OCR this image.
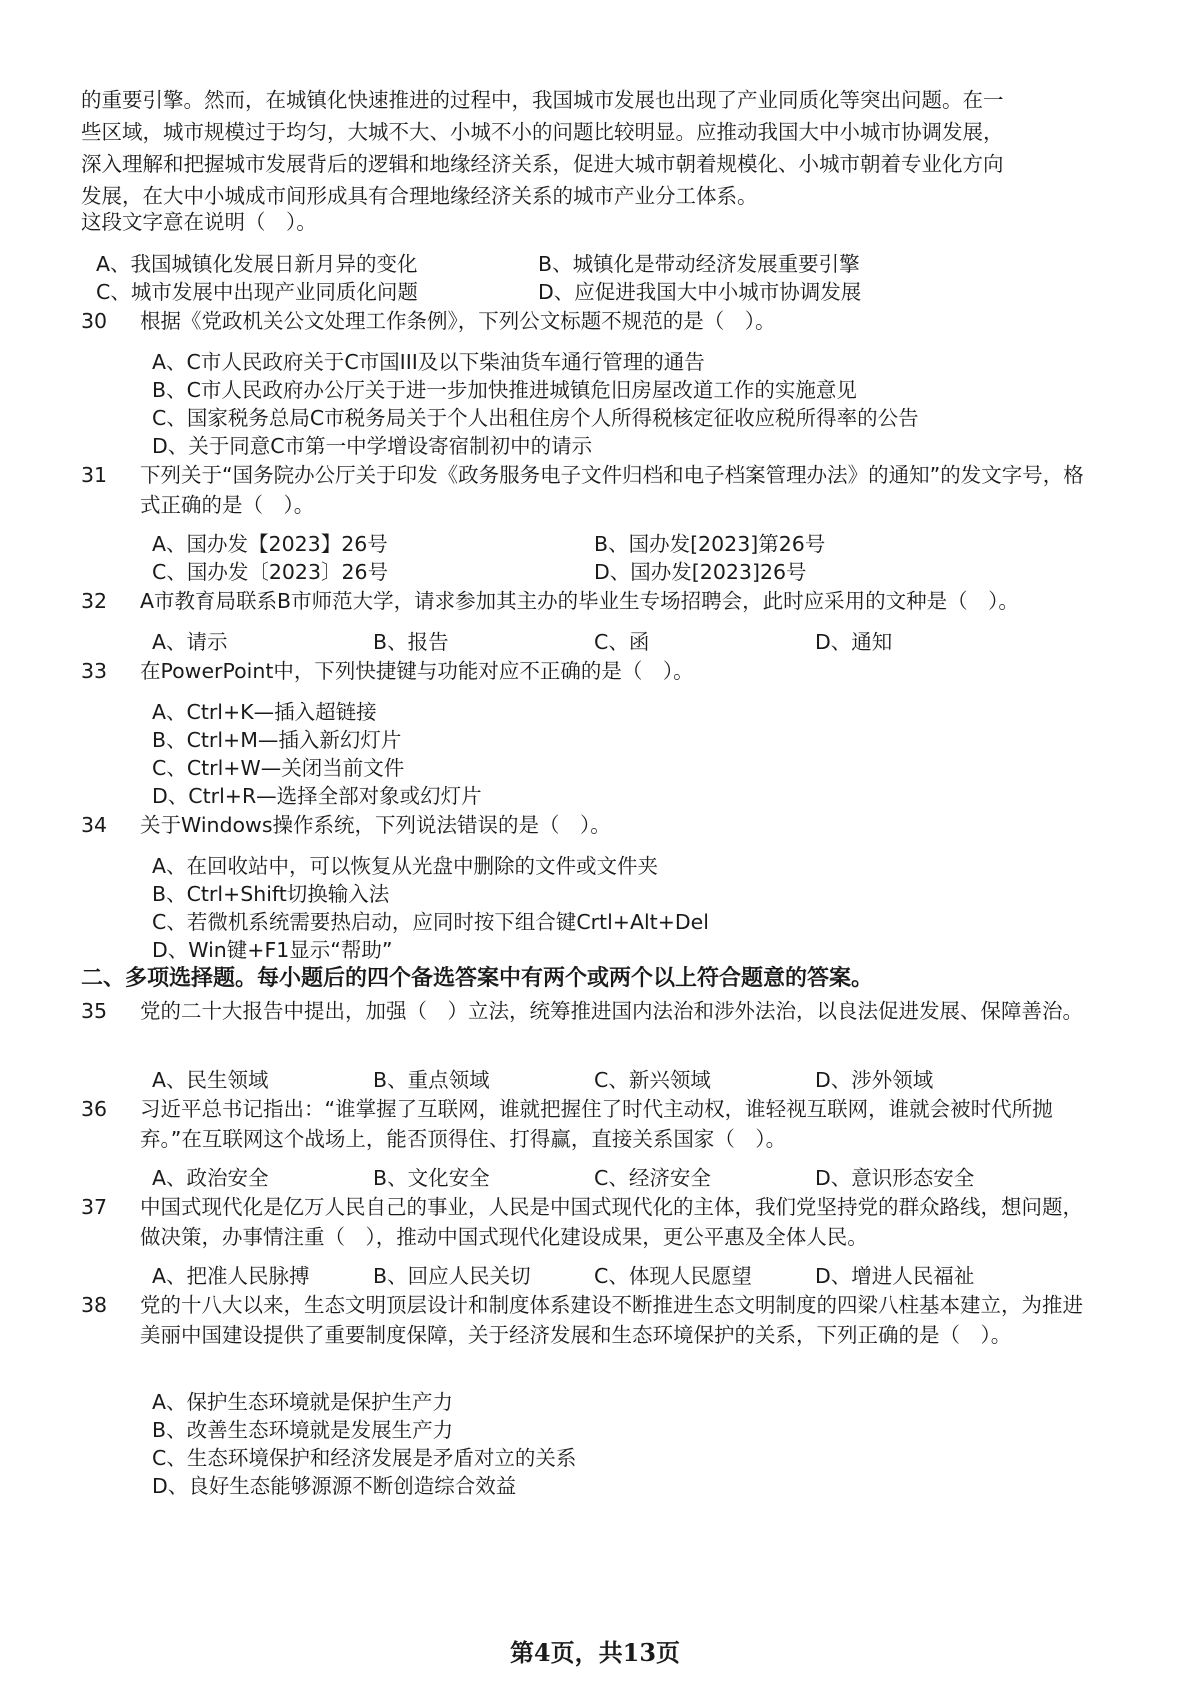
的重要引擎。然而，在城镇化快速推进的过程中，我国城市发展也出现了产业同质化等突出问题。在一些区域，城市规模过于均匀，大城不大、小城不小的问题比较明显。应推动我国大中小城市协调发展，深入理解和把握城市发展背后的逻辑和地缘经济关系，促进大城市朝着规模化、小城市朝着专业化方向发展，在大中小城成市间形成具有合理地缘经济关系的城市产业分工体系。

这段文字意在说明（　）。
A、我国城镇化发展日新月异的变化	B、城镇化是带动经济发展重要引擎
C、城市发展中出现产业同质化问题	D、应促进我国大中小城市协调发展
30 根据《党政机关公文处理工作条例》，下列公文标题不规范的是（　）。

A、C市人民政府关于C市国III及以下柴油货车通行管理的通告
B、C市人民政府办公厅关于进一步加快推进城镇危旧房屋改道工作的实施意见
C、国家税务总局C市税务局关于个人出租住房个人所得税核定征收应税所得率的公告
D、关于同意C市第一中学增设寄宿制初中的请示
31 下列关于“国务院办公厅关于印发《政务服务电子文件归档和电子档案管理办法》的通知”的发文字号，格式正确的是（　）。

A、国办发【2023】26号	B、国办发[2023]第26号
C、国办发〔2023〕26号	D、国办发[2023]26号
32 A市教育局联系B市师范大学，请求参加其主办的毕业生专场招聘会，此时应采用的文种是（　）。

A、请示	B、报告	C、函	D、通知
33 在PowerPoint中，下列快捷键与功能对应不正确的是（　）。

A、Ctrl+K—插入超链接
B、Ctrl+M—插入新幻灯片
C、Ctrl+W—关闭当前文件
D、Ctrl+R—选择全部对象或幻灯片
34 关于Windows操作系统，下列说法错误的是（　）。

A、在回收站中，可以恢复从光盘中删除的文件或文件夹
B、Ctrl+Shift切换输入法
C、若微机系统需要热启动，应同时按下组合键Crtl+Alt+Del
D、Win键+F1显示“帮助”
二、多项选择题。每小题后的四个备选答案中有两个或两个以上符合题意的答案。
35 党的二十大报告中提出，加强（　）立法，统筹推进国内法治和涉外法治，以良法促进发展、保障善治。

A、民生领域	B、重点领域	C、新兴领域	D、涉外领域
36 习近平总书记指出：“谁掌握了互联网，谁就把握住了时代主动权，谁轻视互联网，谁就会被时代所抛弃。”在互联网这个战场上，能否顶得住、打得赢，直接关系国家（　）。

A、政治安全	B、文化安全	C、经济安全	D、意识形态安全
37 中国式现代化是亿万人民自己的事业，人民是中国式现代化的主体，我们党坚持党的群众路线，想问题，做决策，办事情注重（　），推动中国式现代化建设成果，更公平惠及全体人民。

A、把准人民脉搏	B、回应人民关切	C、体现人民愿望	D、增进人民福祉
38 党的十八大以来，生态文明顶层设计和制度体系建设不断推进生态文明制度的四梁八柱基本建立，为推进美丽中国建设提供了重要制度保障，关于经济发展和生态环境保护的关系，下列正确的是（　）。

A、保护生态环境就是保护生产力
B、改善生态环境就是发展生产力
C、生态环境保护和经济发展是矛盾对立的关系
D、良好生态能够源源不断创造综合效益
第4页，共13页
